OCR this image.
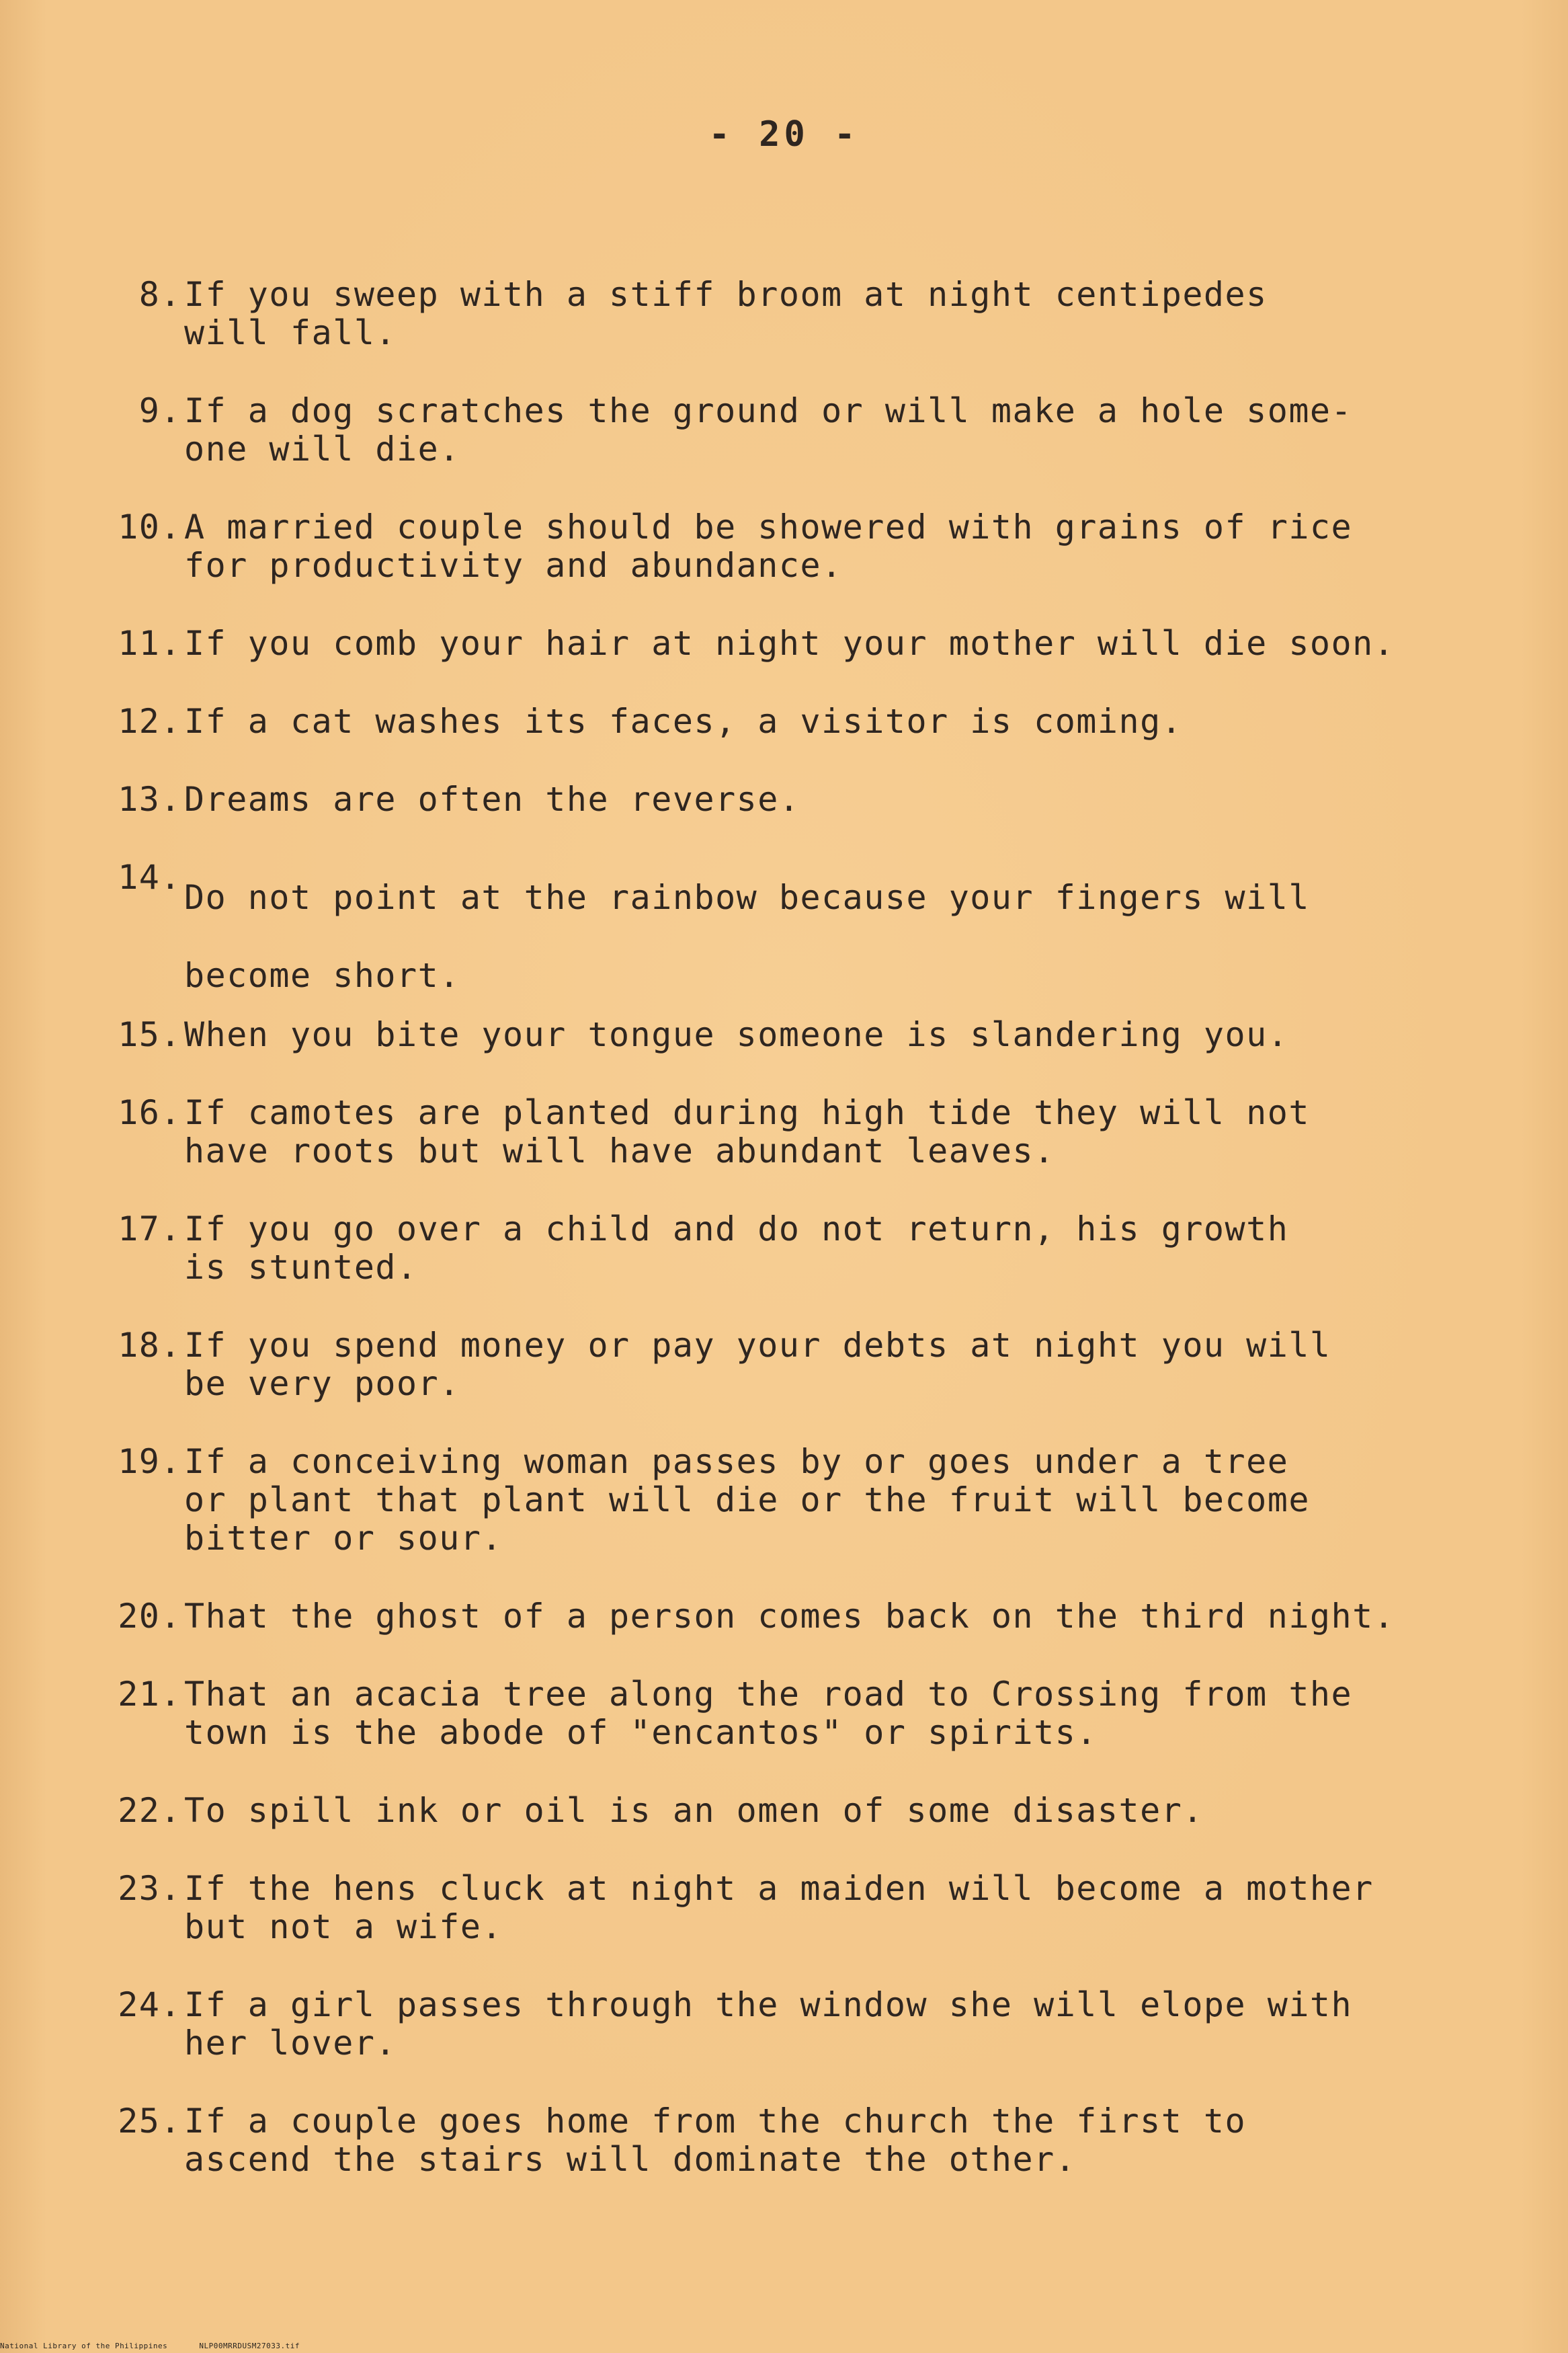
- 20 -
8. If you sweep with a stiff broom at night centipedes
will fall.
9. If a dog scratches the ground or will make a hole some-
one will die.
10. A married couple should be showered with grains of rice
for productivity and abundance.
11. If you comb your hair at night your mother will die soon.
12. If a cat washes its faces, a visitor is coming.
13. Dreams are often the reverse.
14.
Do not point at the rainbow because your fingers will
become short.
15. When you bite your tongue someone is slandering you.
16. If camotes are planted during high tide they will not
have roots but will have abundant leaves.
17. If you go over a child and do not return, his growth
is stunted.
18. If you spend money or pay your debts at night you will
be very poor.
19. If a conceiving woman passes by or goes under a tree
or plant that plant will die or the fruit will become
bitter or sour.
20. That the ghost of a person comes back on the third night.
21. That an acacia tree along the road to Crossing from the
town is the abode of "encantos" or spirits.
22. To spill ink or oil is an omen of some disaster.
23. If the hens cluck at night a maiden will become a mother
but not a wife.
24. If a girl passes through the window she will elope with
her lover.
25. If a couple goes home from the church the first to
ascend the stairs will dominate the other.
National Library of the Philippines	NLP00MRRDUSM27033.tif
